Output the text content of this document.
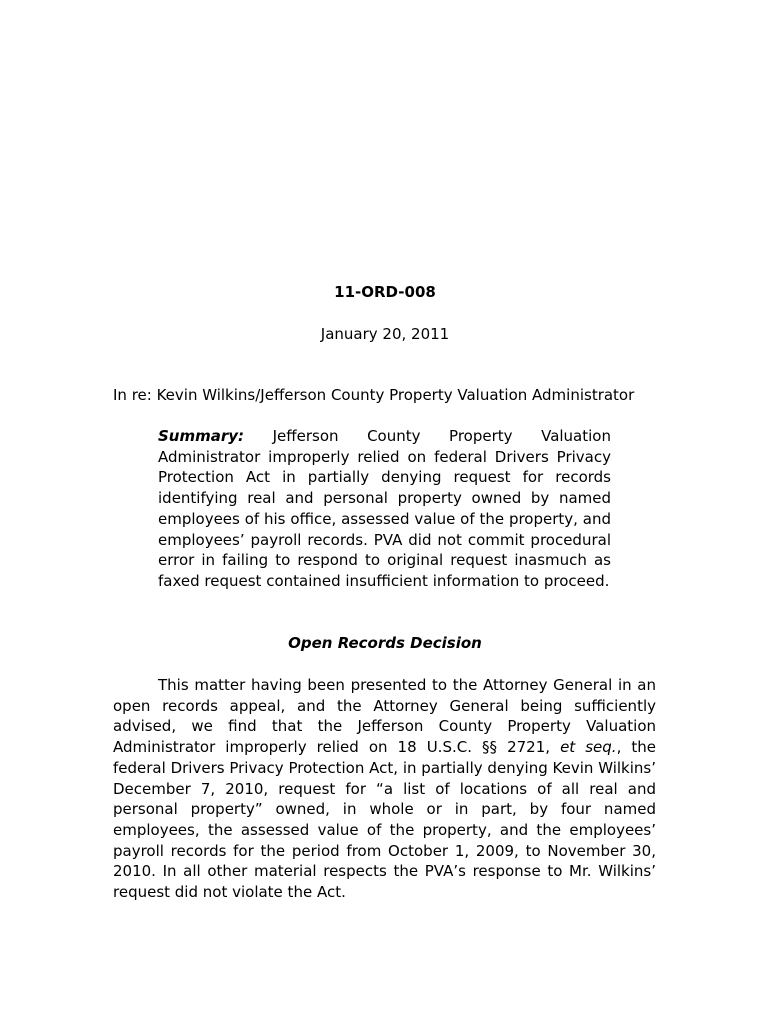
11-ORD-008
January 20, 2011
In re: Kevin Wilkins/Jefferson County Property Valuation Administrator
Summary: Jefferson County Property Valuation Administrator improperly relied on federal Drivers Privacy Protection Act in partially denying request for records identifying real and personal property owned by named employees of his office, assessed value of the property, and employees’ payroll records. PVA did not commit procedural error in failing to respond to original request inasmuch as faxed request contained insufficient information to proceed.
Open Records Decision
This matter having been presented to the Attorney General in an open records appeal, and the Attorney General being sufficiently advised, we find that the Jefferson County Property Valuation Administrator improperly relied on 18 U.S.C. §§ 2721, et seq., the federal Drivers Privacy Protection Act, in partially denying Kevin Wilkins’ December 7, 2010, request for “a list of locations of all real and personal property” owned, in whole or in part, by four named employees, the assessed value of the property, and the employees’ payroll records for the period from October 1, 2009, to November 30, 2010. In all other material respects the PVA’s response to Mr. Wilkins’ request did not violate the Act.
